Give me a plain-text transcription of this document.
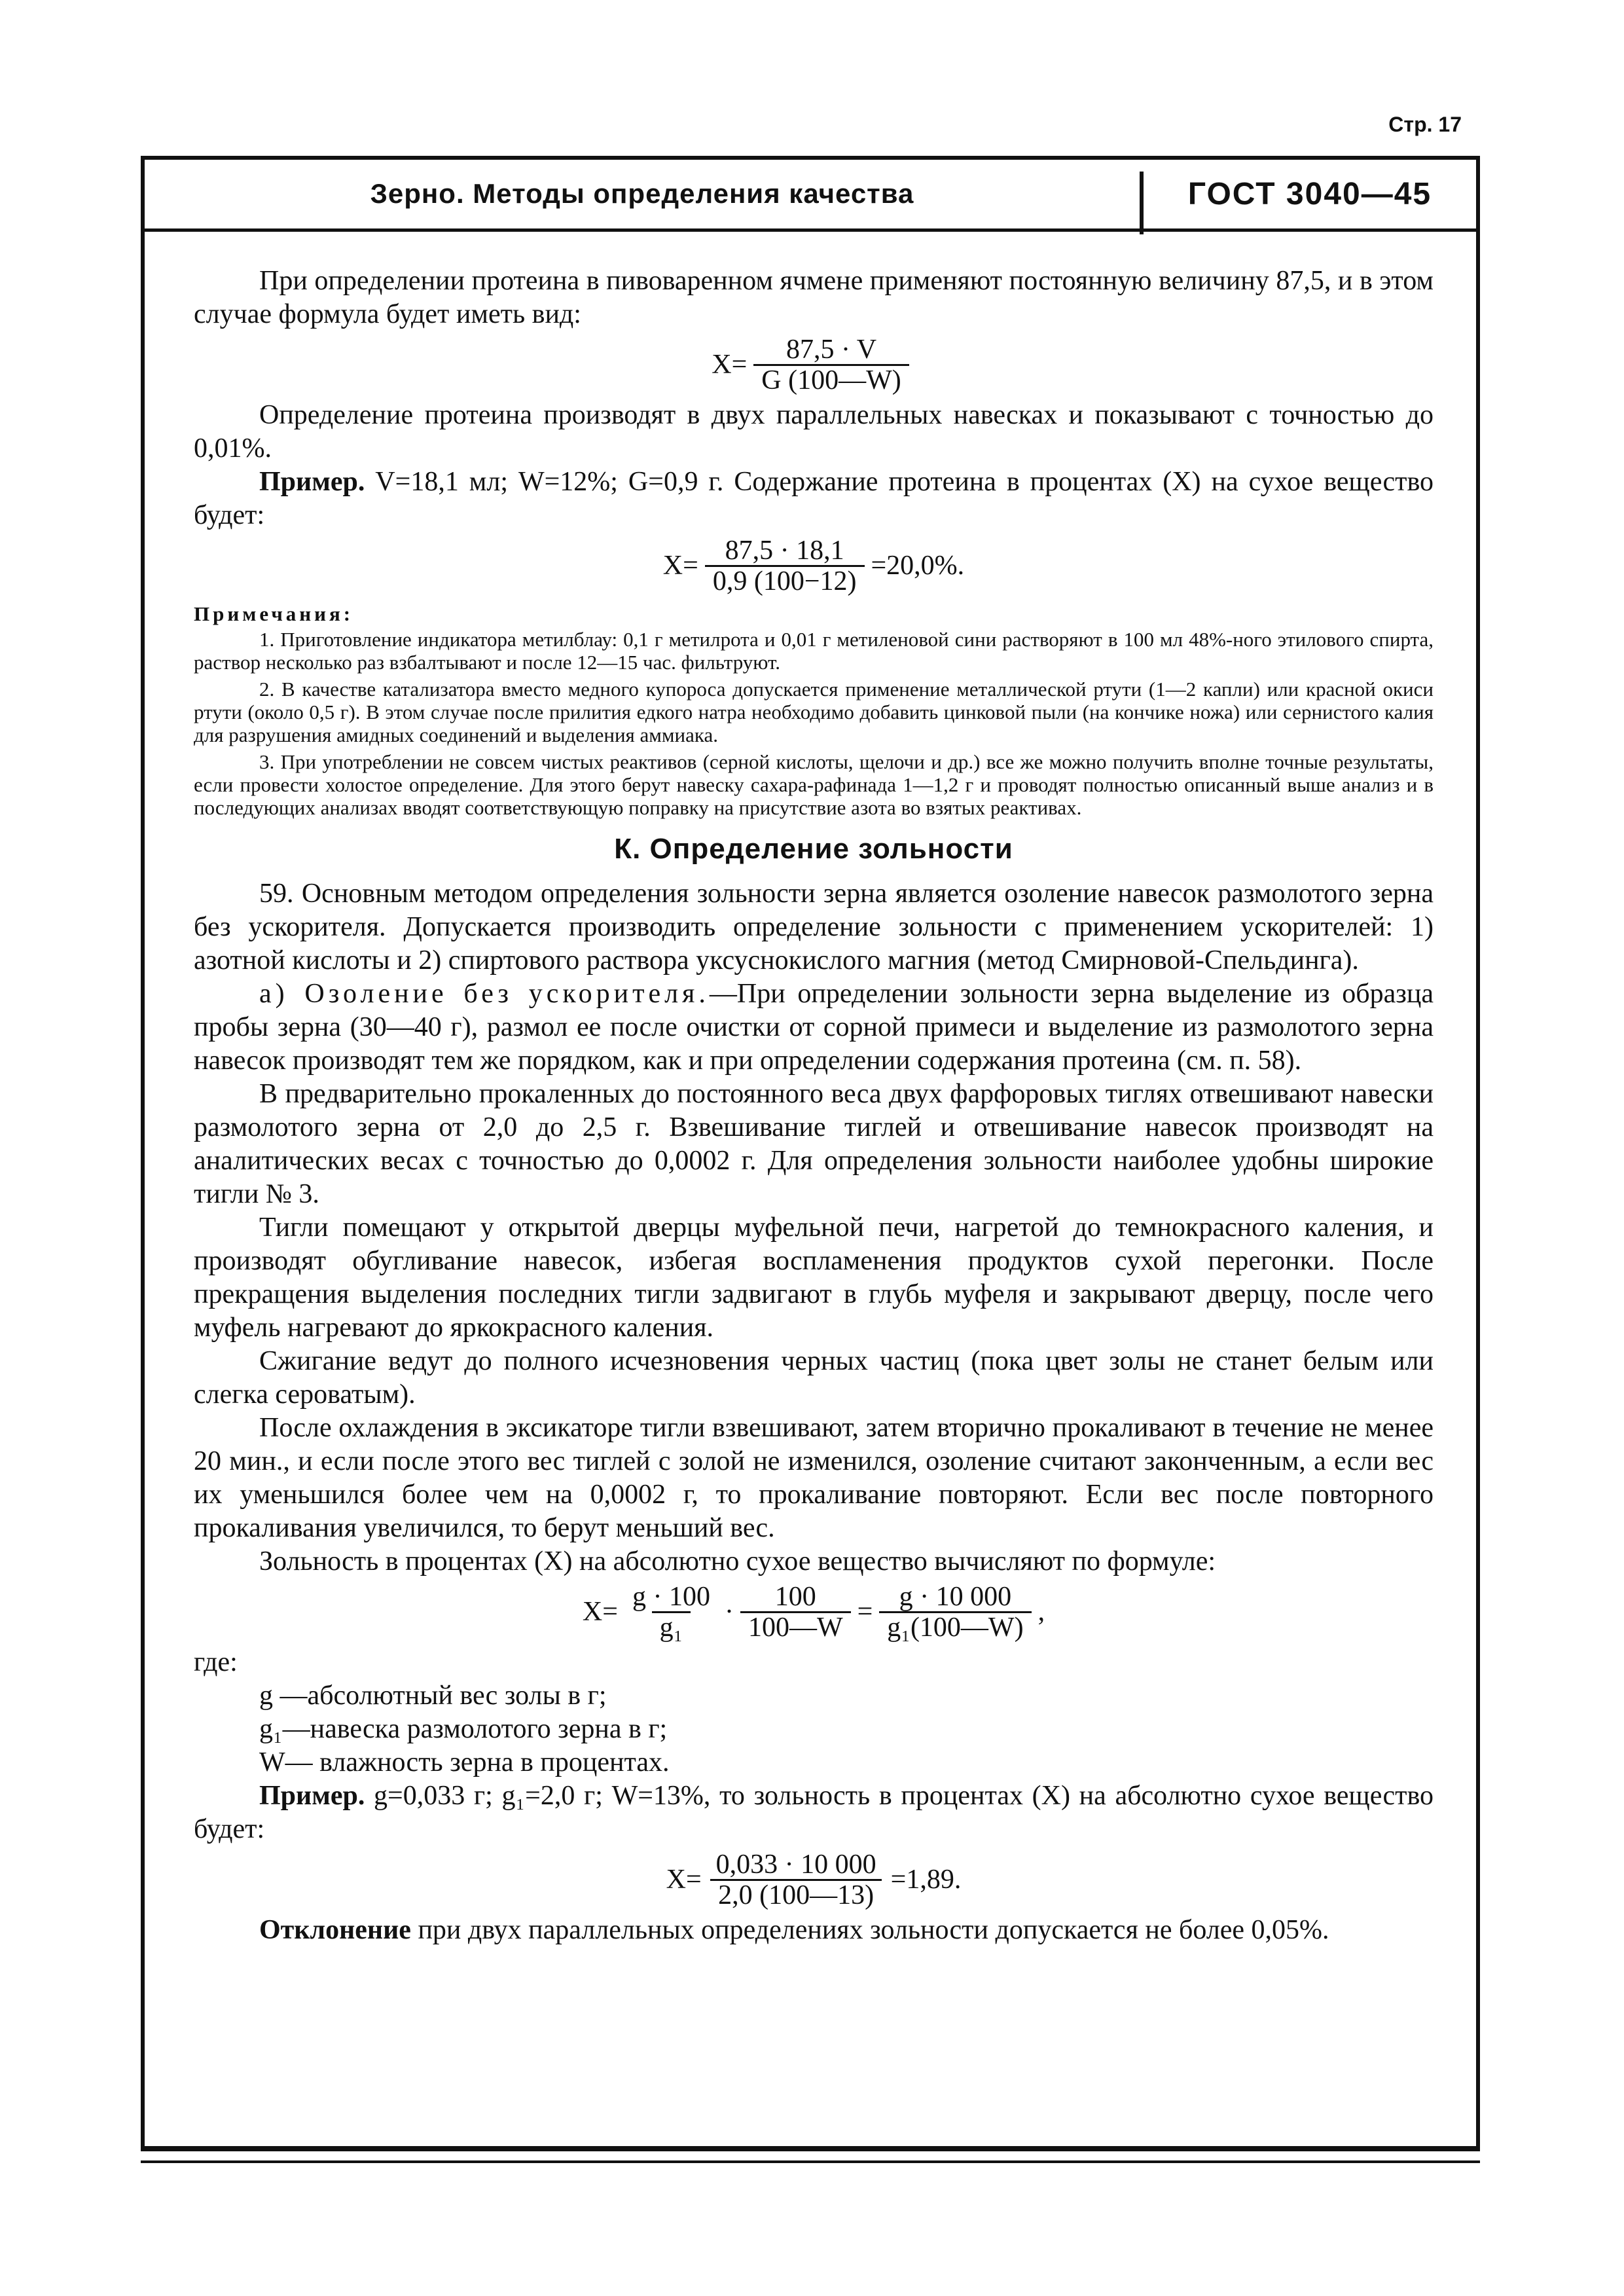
Стр. 17
Зерно. Методы определения качества	ГОСТ 3040—45

При определении протеина в пивоваренном ячмене применяют постоянную величину 87,5, и в этом случае формула будет иметь вид:

$X= \frac{87,5 \cdot V}{G (100—W)}$

Определение протеина производят в двух параллельных навесках и показывают с точностью до 0,01%.

Пример. V=18,1 мл; W=12%; G=0,9 г. Содержание протеина в процентах (X) на сухое вещество будет:

$X= \frac{87,5 \cdot 18,1}{0,9 (100-12)} =20,0\%$.
Примечания:

1. Приготовление индикатора метилблау: 0,1 г метилрота и 0,01 г метиленовой сини растворяют в 100 мл 48%-ного этилового спирта, раствор несколько раз взбалтывают и после 12—15 час. фильтруют.

2. В качестве катализатора вместо медного купороса допускается применение металлической ртути (1—2 капли) или красной окиси ртути (около 0,5 г). В этом случае после прилития едкого натра необходимо добавить цинковой пыли (на кончике ножа) или сернистого калия для разрушения амидных соединений и выделения аммиака.

3. При употреблении не совсем чистых реактивов (серной кислоты, щелочи и др.) все же можно получить вполне точные результаты, если провести холостое определение. Для этого берут навеску сахара-рафинада 1—1,2 г и проводят полностью описанный выше анализ и в последующих анализах вводят соответствующую поправку на присутствие азота во взятых реактивах.

К. Определение зольности

59. Основным методом определения зольности зерна является озоление навесок размолотого зерна без ускорителя. Допускается производить определение зольности с применением ускорителей: 1) азотной кислоты и 2) спиртового раствора уксуснокислого магния (метод Смирновой-Спельдинга).

а) Озоление без ускорителя.—При определении зольности зерна выделение из образца пробы зерна (30—40 г), размол ее после очистки от сорной примеси и выделение из размолотого зерна навесок производят тем же порядком, как и при определении содержания протеина (см. п. 58).

В предварительно прокаленных до постоянного веса двух фарфоровых тиглях отвешивают навески размолотого зерна от 2,0 до 2,5 г. Взвешивание тиглей и отвешивание навесок производят на аналитических весах с точностью до 0,0002 г. Для определения зольности наиболее удобны широкие тигли № 3.

Тигли помещают у открытой дверцы муфельной печи, нагретой до темнокрасного каления, и производят обугливание навесок, избегая воспламенения продуктов сухой перегонки. После прекращения выделения последних тигли задвигают в глубь муфеля и закрывают дверцу, после чего муфель нагревают до яркокрасного каления.

Сжигание ведут до полного исчезновения черных частиц (пока цвет золы не станет белым или слегка сероватым).

После охлаждения в эксикаторе тигли взвешивают, затем вторично прокаливают в течение не менее 20 мин., и если после этого вес тиглей с золой не изменился, озоление считают законченным, а если вес их уменьшился более чем на 0,0002 г, то прокаливание повторяют. Если вес после повторного прокаливания увеличился, то берут меньший вес.

Зольность в процентах (X) на абсолютно сухое вещество вычисляют по формуле:

$X= \frac{g \cdot 100}{\text{g₁}} \cdot \frac{100}{100—W} = \frac{g \cdot 10 000}{\text{g₁(100—W)}}$ ,

где:

g —абсолютный вес золы в г;

g₁—навеска размолотого зерна в г;

W— влажность зерна в процентах.

Пример. g=0,033 г; g₁=2,0 г; W=13%, то зольность в процентах (X) на абсолютно сухое вещество будет:

$X= \frac{0,033 \cdot 10 000}{2,0 (100—13)} =1,89$.

Отклонение при двух параллельных определениях зольности допускается не более 0,05%.
